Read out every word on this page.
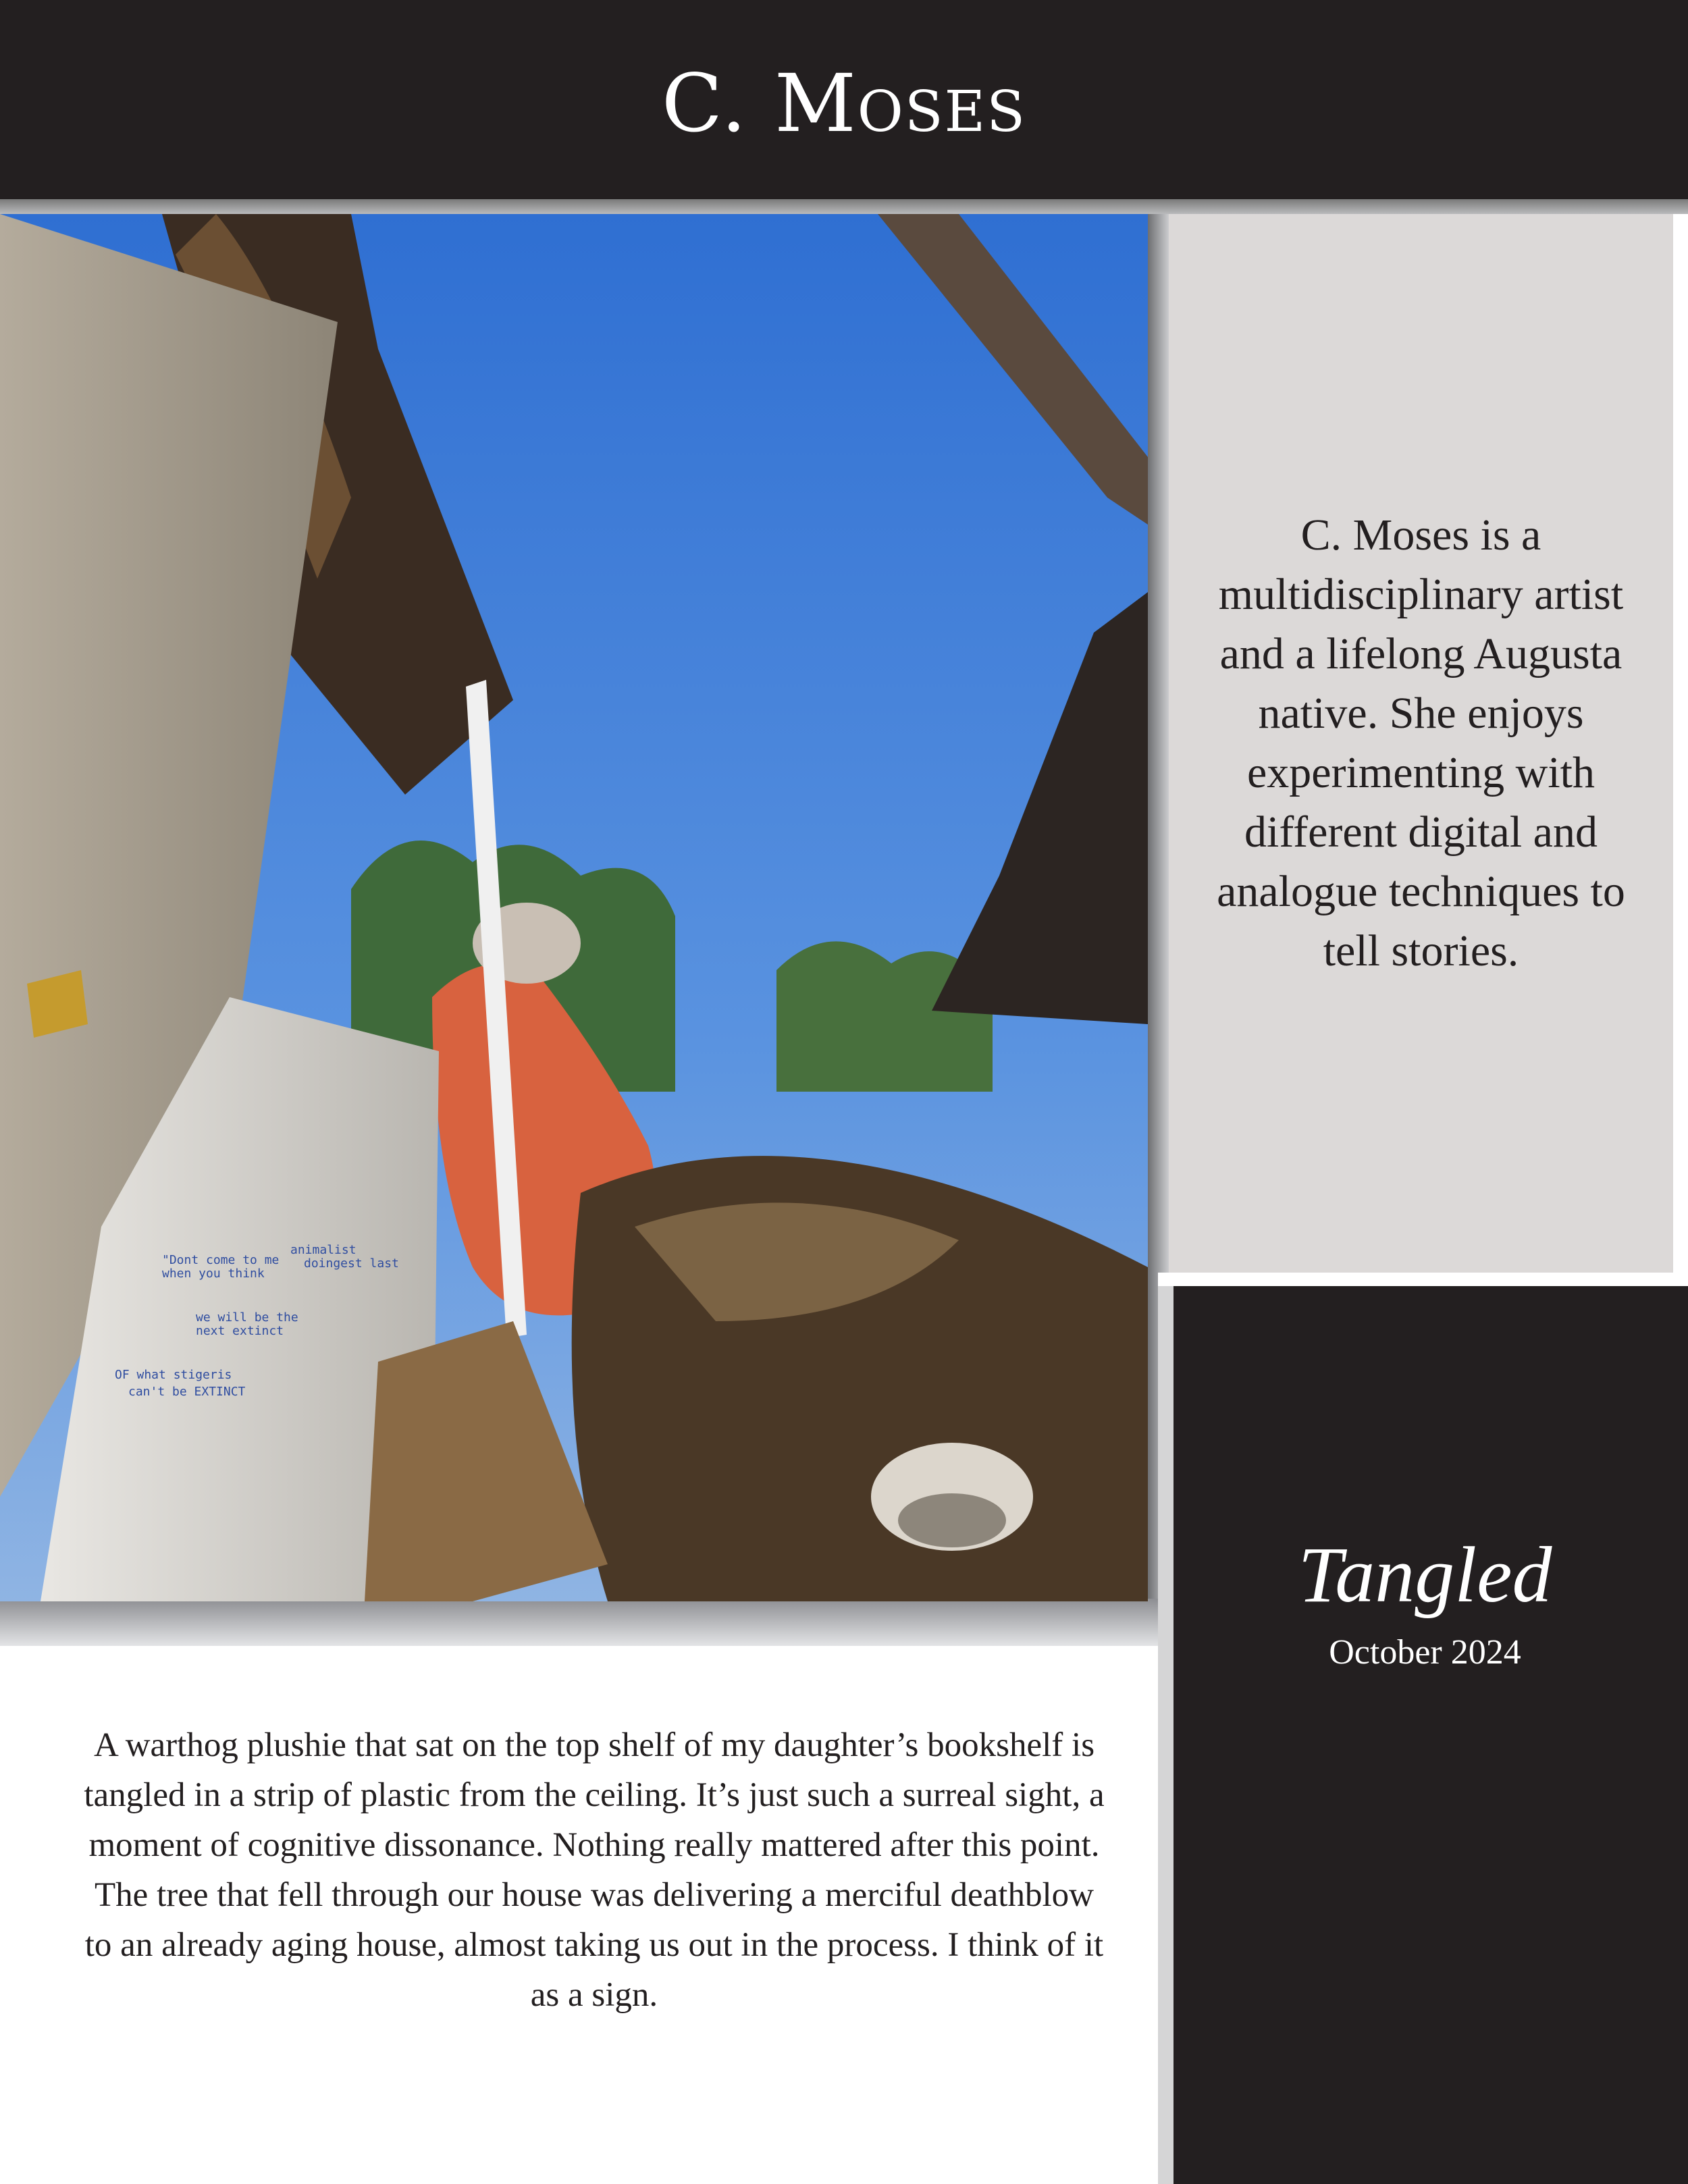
C. Moses
"Dont come to me
when you think
animalist
doingest last
we will be the
next extinct
OF what stigeris
can't be EXTINCT
C. Moses is a multidisciplinary artist and a lifelong Augusta native. She enjoys experimenting with different digital and analogue techniques to tell stories.
Tangled
October 2024
A warthog plushie that sat on the top shelf of my daughter’s bookshelf is tangled in a strip of plastic from the ceiling. It’s just such a surreal sight, a moment of cognitive dissonance. Nothing really mattered after this point. The tree that fell through our house was delivering a merciful deathblow to an already aging house, almost taking us out in the process. I think of it as a sign.
